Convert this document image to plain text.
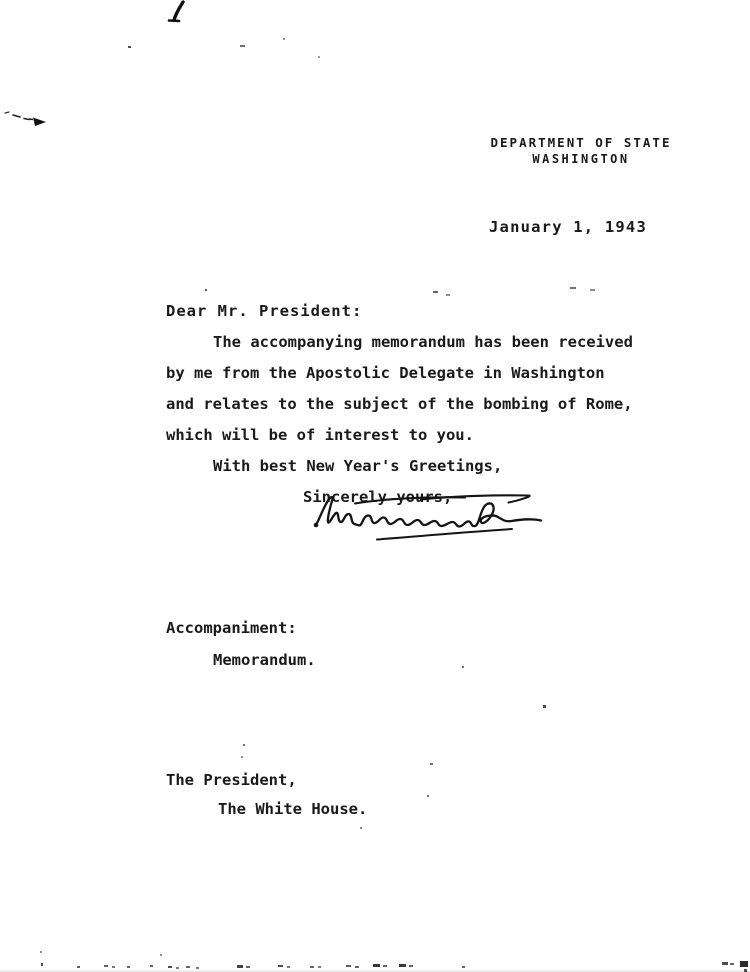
DEPARTMENT OF STATE
WASHINGTON
January 1, 1943
Dear Mr. President:
The accompanying memorandum has been received
by me from the Apostolic Delegate in Washington
and relates to the subject of the bombing of Rome,
which will be of interest to you.
With best New Year's Greetings,
Sincerely yours,
Accompaniment:
Memorandum.
The President,
The White House.
